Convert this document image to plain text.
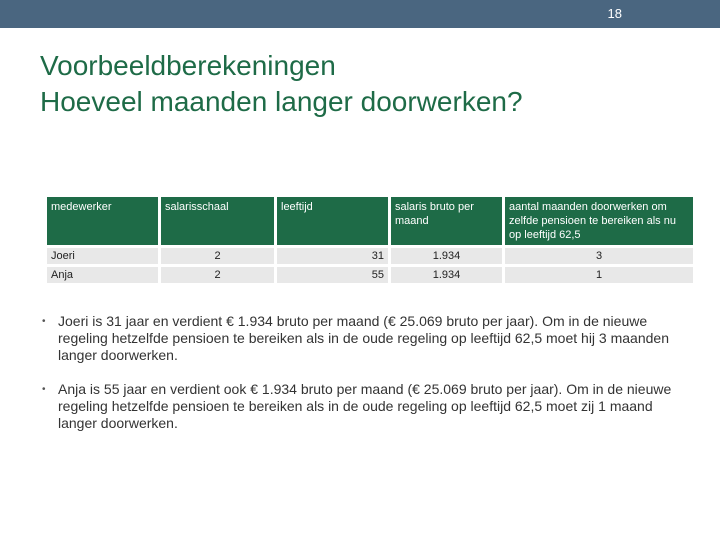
18
Voorbeeldberekeningen
Hoeveel maanden langer doorwerken?
medewerker	salarisschaal	leeftijd	salaris bruto per maand	aantal maanden doorwerken om zelfde pensioen te bereiken als nu op leeftijd 62,5
Joeri	2	31	1.934	3
Anja	2	55	1.934	1
• Joeri is 31 jaar en verdient € 1.934 bruto per maand (€ 25.069 bruto per jaar). Om in de nieuwe regeling hetzelfde pensioen te bereiken als in de oude regeling op leeftijd 62,5 moet hij 3 maanden langer doorwerken.
• Anja is 55 jaar en verdient ook € 1.934 bruto per maand (€ 25.069 bruto per jaar). Om in de nieuwe regeling hetzelfde pensioen te bereiken als in de oude regeling op leeftijd 62,5 moet zij 1 maand langer doorwerken.
